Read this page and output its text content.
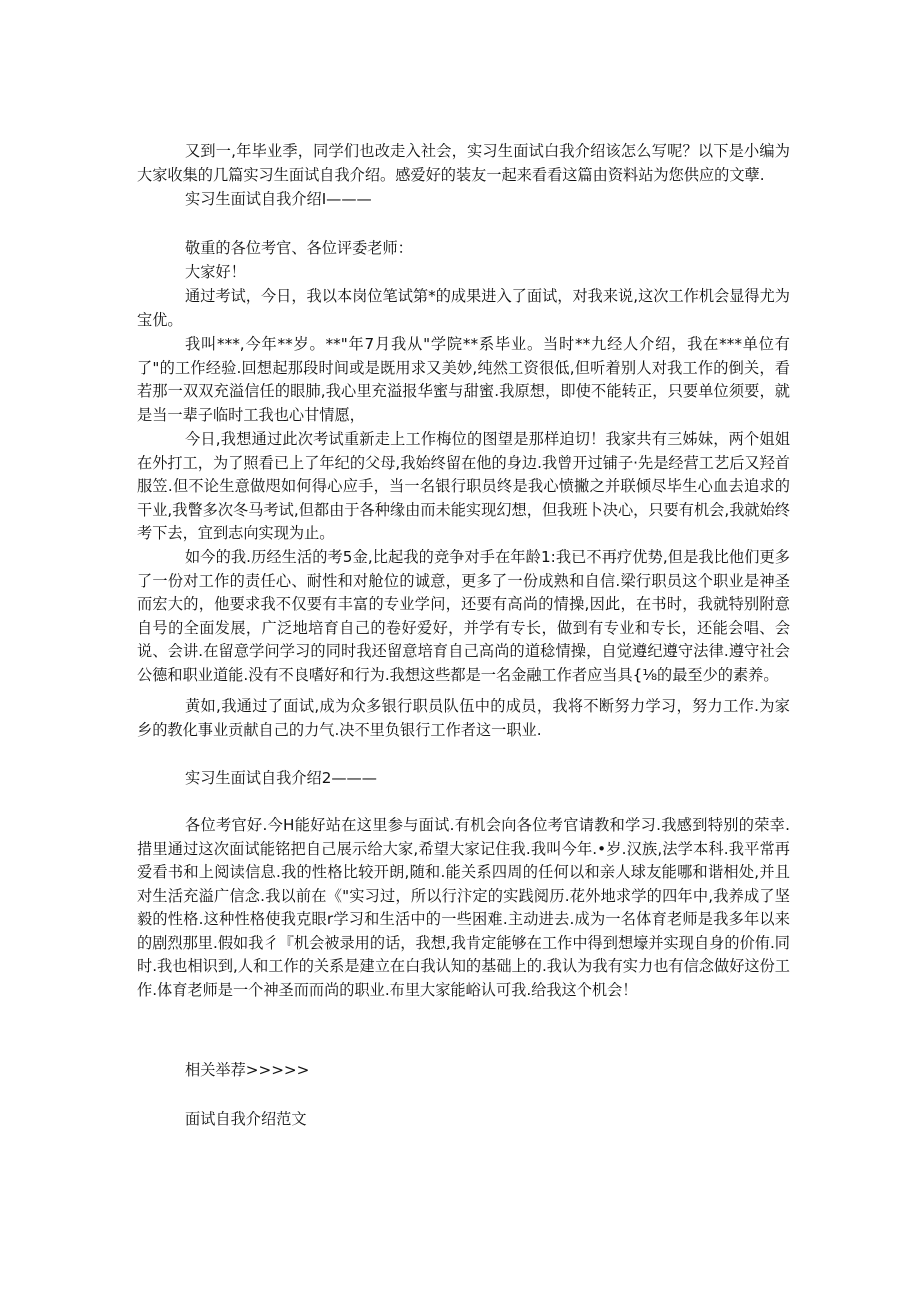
又到一,年毕业季，同学们也改走入社会，实习生面试白我介绍该怎么写呢？以下是小编为大家收集的几篇实习生面试自我介绍。感爱好的装友一起来看看这篇由资料站为您供应的文孽.

实习生面试自我介绍I———

敬重的各位考官、各位评委老师：

大家好！

通过考试，今日，我以本岗位笔试第*的成果进入了面试，对我来说,这次工作机会显得尤为宝优。

我叫***,今年**岁。**"年7月我从"学院**系毕业。当时**九经人介绍，我在***单位有了"的工作经验.回想起那段时间或是既用求又美妙,纯然工资很低,但听着别人对我工作的倒关，看若那一双双充溢信任的眼肺,我心里充溢报华蜜与甜蜜.我原想，即使不能转正，只要单位须要，就是当一辈子临时工我也心甘情愿，

今日,我想通过此次考试重新走上工作梅位的图望是那样迫切！我家共有三姊妹，两个姐姐在外打工，为了照看已上了年纪的父母,我始终留在他的身边.我曾开过铺子·先是经营工艺后又羟首服笠.但不论生意做咫如何得心应手，当一名银行职员终是我心愤撇之并联倾尽毕生心血去追求的干业,我瞥多次冬马考试,但都由于各种缘由而未能实现幻想，但我班卜决心，只要有机会,我就始终考下去，宜到志向实现为止。

如今的我.历经生活的考5金,比起我的竞争对手在年龄1:我已不再疗优势,但是我比他们更多了一份对工作的责任心、耐性和对舱位的诚意，更多了一份成熟和自信.梁行职员这个职业是神圣而宏大的，他要求我不仅要有丰富的专业学问，还要有高尚的情操,因此，在书时，我就特别附意自号的全面发展，广泛地培育自己的卷好爱好，并学有专长，做到有专业和专长，还能会唱、会说、会讲.在留意学问学习的同时我还留意培育自己高尚的道稔情操，自觉遵纪遵守法律.遵守社会公德和职业道能.没有不良嗜好和行为.我想这些都是一名金融工作者应当具{⅛的最至少的素养。

黄如,我通过了面试,成为众多银行职员队伍中的成员，我将不断努力学习，努力工作.为家乡的教化事业贡献自己的力气.决不里负银行工作者这一职业.

实习生面试自我介绍2———

各位考官好.今H能好站在这里参与面试.有机会向各位考官请教和学习.我感到特别的荣幸.措里通过这次面试能铭把自己展示给大家,希望大家记住我.我叫今年.•岁.汉族,法学本科.我平常再爱看书和上阅读信息.我的性格比较开朗,随和.能关系四周的任何以和亲人球友能哪和谐相处,并且对生活充溢广信念.我以前在《"实习过，所以行汴定的实践阅历.花外地求学的四年中,我养成了坚毅的性格.这种性格使我克眼r学习和生活中的一些困难.主动进去.成为一名体育老师是我多年以来的剧烈那里.假如我彳『机会被录用的话，我想,我肯定能够在工作中得到想壕并实现自身的价侑.同时.我也相识到,人和工作的关系是建立在白我认知的基础上的.我认为我有实力也有信念做好这份工作.体育老师是一个神圣而而尚的职业.布里大家能峪认可我.给我这个机会！

相关举荐>>>>>

面试自我介绍范文
